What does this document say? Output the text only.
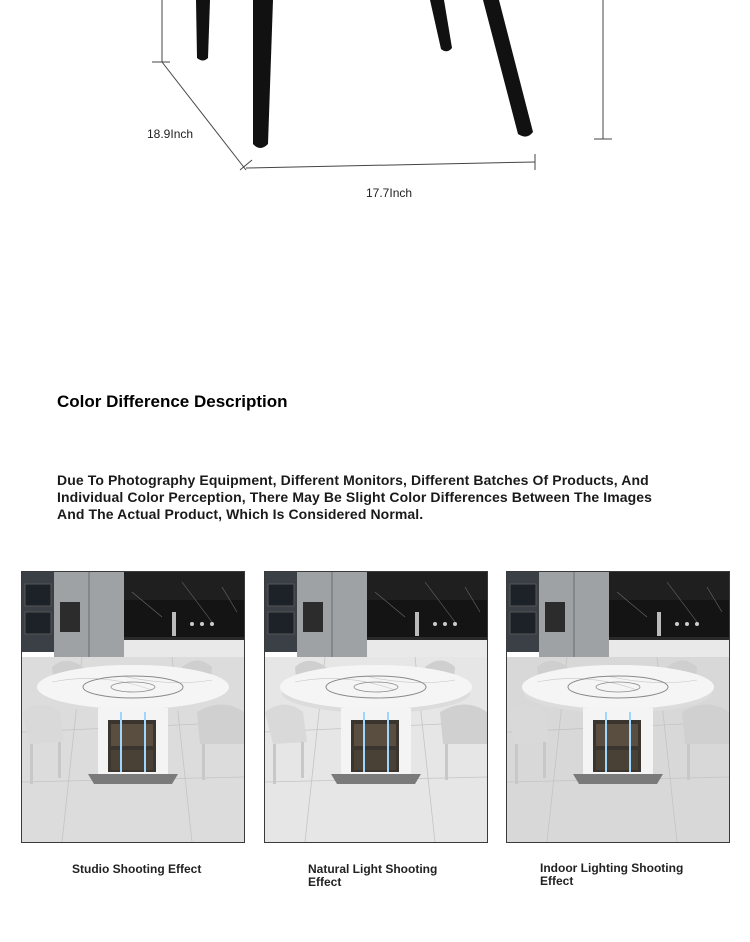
18.9Inch
17.7Inch
Color Difference Description
Due To Photography Equipment, Different Monitors, Different Batches Of Products, And Individual Color Perception, There May Be Slight Color Differences Between The Images And The Actual Product, Which Is Considered Normal.
Studio Shooting Effect	Natural Light Shooting Effect
Indoor Lighting Shooting Effect
